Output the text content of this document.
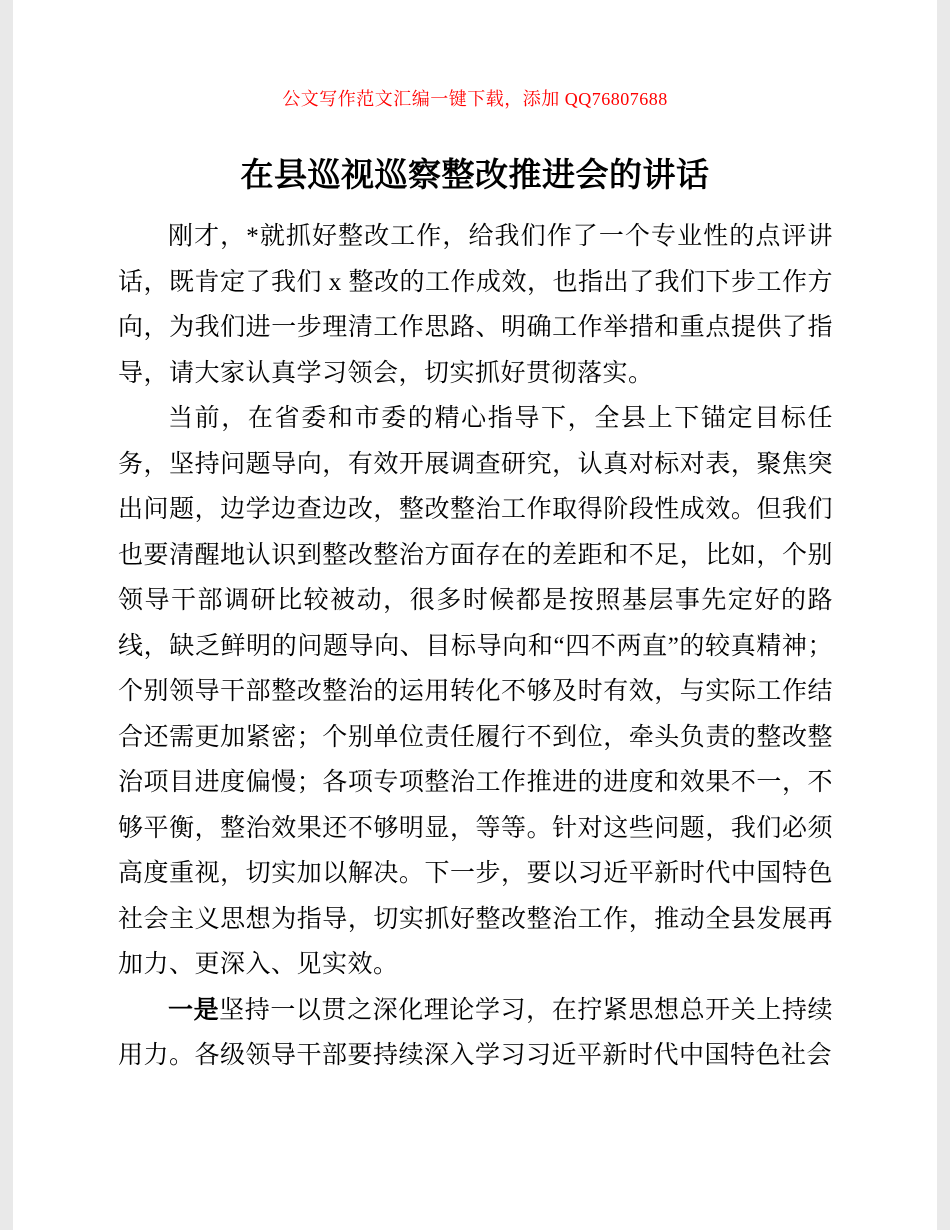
公文写作范文汇编一键下载，添加 QQ76807688
在县巡视巡察整改推进会的讲话

刚才，*就抓好整改工作，给我们作了一个专业性的点评讲话，既肯定了我们 x 整改的工作成效，也指出了我们下步工作方向，为我们进一步理清工作思路、明确工作举措和重点提供了指导，请大家认真学习领会，切实抓好贯彻落实。

当前，在省委和市委的精心指导下，全县上下锚定目标任务，坚持问题导向，有效开展调查研究，认真对标对表，聚焦突出问题，边学边查边改，整改整治工作取得阶段性成效。但我们也要清醒地认识到整改整治方面存在的差距和不足，比如，个别领导干部调研比较被动，很多时候都是按照基层事先定好的路线，缺乏鲜明的问题导向、目标导向和“四不两直”的较真精神；个别领导干部整改整治的运用转化不够及时有效，与实际工作结合还需更加紧密；个别单位责任履行不到位，牵头负责的整改整治项目进度偏慢；各项专项整治工作推进的进度和效果不一，不够平衡，整治效果还不够明显，等等。针对这些问题，我们必须高度重视，切实加以解决。下一步，要以习近平新时代中国特色社会主义思想为指导，切实抓好整改整治工作，推动全县发展再加力、更深入、见实效。

一是坚持一以贯之深化理论学习，在拧紧思想总开关上持续用力。各级领导干部要持续深入学习习近平新时代中国特色社会
